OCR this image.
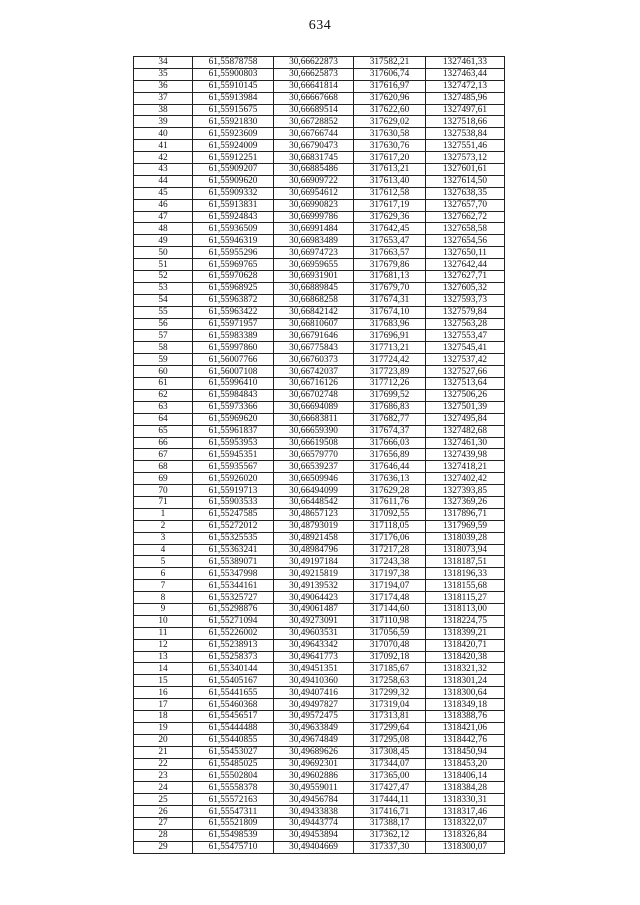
634
34	61,55878758	30,66622873	317582,21	1327461,33
35	61,55900803	30,66625873	317606,74	1327463,44
36	61,55910145	30,66641814	317616,97	1327472,13
37	61,55913984	30,66667668	317620,96	1327485,96
38	61,55915675	30,66689514	317622,60	1327497,61
39	61,55921830	30,66728852	317629,02	1327518,66
40	61,55923609	30,66766744	317630,58	1327538,84
41	61,55924009	30,66790473	317630,76	1327551,46
42	61,55912251	30,66831745	317617,20	1327573,12
43	61,55909207	30,66885486	317613,21	1327601,61
44	61,55909620	30,66909722	317613,40	1327614,50
45	61,55909332	30,66954612	317612,58	1327638,35
46	61,55913831	30,66990823	317617,19	1327657,70
47	61,55924843	30,66999786	317629,36	1327662,72
48	61,55936509	30,66991484	317642,45	1327658,58
49	61,55946319	30,66983489	317653,47	1327654,56
50	61,55955296	30,66974723	317663,57	1327650,11
51	61,55969765	30,66959655	317679,86	1327642,44
52	61,55970628	30,66931901	317681,13	1327627,71
53	61,55968925	30,66889845	317679,70	1327605,32
54	61,55963872	30,66868258	317674,31	1327593,73
55	61,55963422	30,66842142	317674,10	1327579,84
56	61,55971957	30,66810607	317683,96	1327563,28
57	61,55983389	30,66791646	317696,91	1327553,47
58	61,55997860	30,66775843	317713,21	1327545,41
59	61,56007766	30,66760373	317724,42	1327537,42
60	61,56007108	30,66742037	317723,89	1327527,66
61	61,55996410	30,66716126	317712,26	1327513,64
62	61,55984843	30,66702748	317699,52	1327506,26
63	61,55973366	30,66694089	317686,83	1327501,39
64	61,55969620	30,66683811	317682,77	1327495,84
65	61,55961837	30,66659390	317674,37	1327482,68
66	61,55953953	30,66619508	317666,03	1327461,30
67	61,55945351	30,66579770	317656,89	1327439,98
68	61,55935567	30,66539237	317646,44	1327418,21
69	61,55926020	30,66509946	317636,13	1327402,42
70	61,55919713	30,66494099	317629,28	1327393,85
71	61,55903533	30,66448542	317611,76	1327369,26
1	61,55247585	30,48657123	317092,55	1317896,71
2	61,55272012	30,48793019	317118,05	1317969,59
3	61,55325535	30,48921458	317176,06	1318039,28
4	61,55363241	30,48984796	317217,28	1318073,94
5	61,55389071	30,49197184	317243,38	1318187,51
6	61,55347998	30,49215819	317197,38	1318196,33
7	61,55344161	30,49139532	317194,07	1318155,68
8	61,55325727	30,49064423	317174,48	1318115,27
9	61,55298876	30,49061487	317144,60	1318113,00
10	61,55271094	30,49273091	317110,98	1318224,75
11	61,55226002	30,49603531	317056,59	1318399,21
12	61,55238913	30,49643342	317070,48	1318420,71
13	61,55258373	30,49641773	317092,18	1318420,38
14	61,55340144	30,49451351	317185,67	1318321,32
15	61,55405167	30,49410360	317258,63	1318301,24
16	61,55441655	30,49407416	317299,32	1318300,64
17	61,55460368	30,49497827	317319,04	1318349,18
18	61,55456517	30,49572475	317313,81	1318388,76
19	61,55444488	30,49633849	317299,64	1318421,06
20	61,55440855	30,49674849	317295,08	1318442,76
21	61,55453027	30,49689626	317308,45	1318450,94
22	61,55485025	30,49692301	317344,07	1318453,20
23	61,55502804	30,49602886	317365,00	1318406,14
24	61,55558378	30,49559011	317427,47	1318384,28
25	61,55572163	30,49456784	317444,11	1318330,31
26	61,55547311	30,49433838	317416,71	1318317,46
27	61,55521809	30,49443774	317388,17	1318322,07
28	61,55498539	30,49453894	317362,12	1318326,84
29	61,55475710	30,49404669	317337,30	1318300,07
